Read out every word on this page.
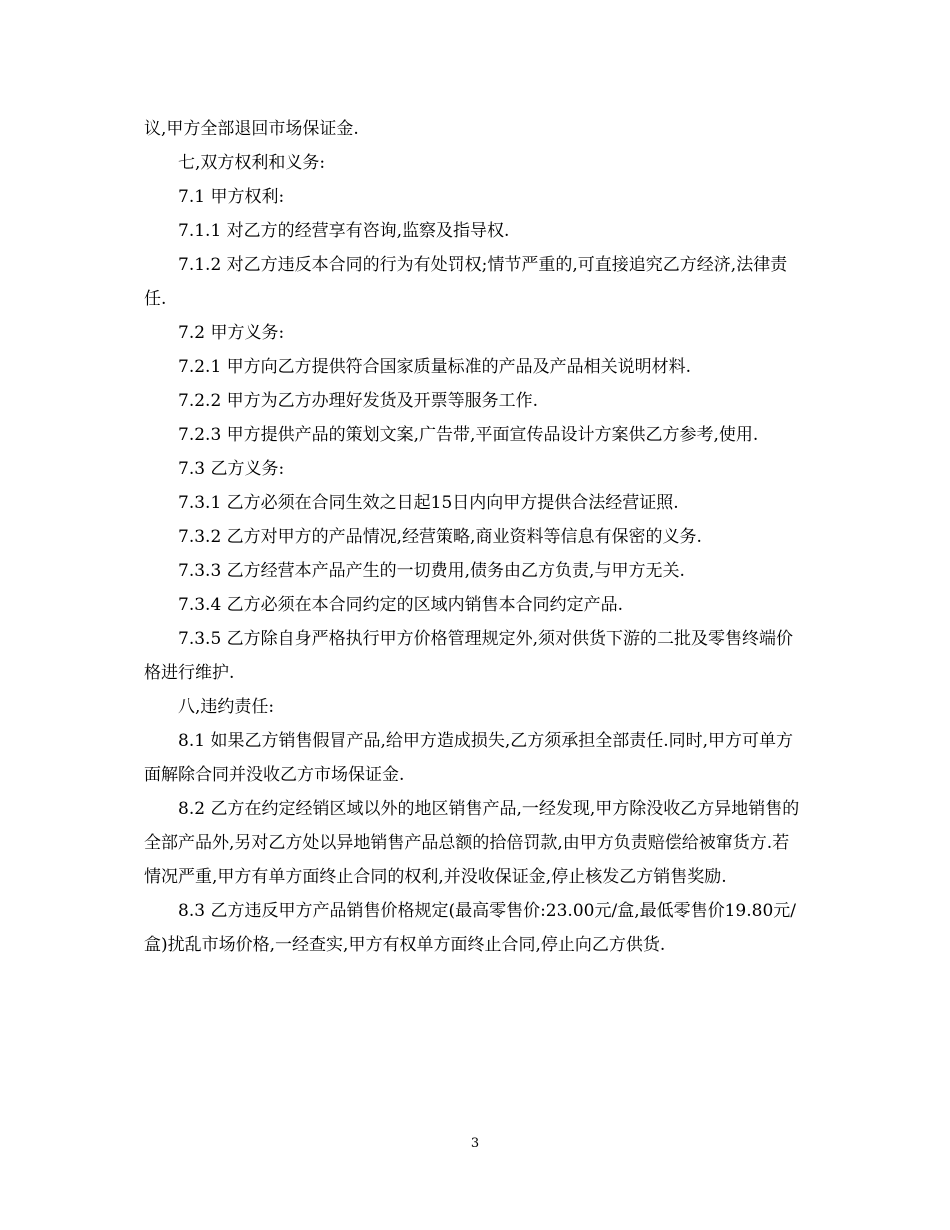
议,甲方全部退回市场保证金.

七,双方权利和义务:

7.1 甲方权利:

7.1.1 对乙方的经营享有咨询,监察及指导权.

7.1.2 对乙方违反本合同的行为有处罚权;情节严重的,可直接追究乙方经济,法律责任.

7.2 甲方义务:

7.2.1 甲方向乙方提供符合国家质量标准的产品及产品相关说明材料.

7.2.2 甲方为乙方办理好发货及开票等服务工作.

7.2.3 甲方提供产品的策划文案,广告带,平面宣传品设计方案供乙方参考,使用.

7.3 乙方义务:

7.3.1 乙方必须在合同生效之日起15日内向甲方提供合法经营证照.

7.3.2 乙方对甲方的产品情况,经营策略,商业资料等信息有保密的义务.

7.3.3 乙方经营本产品产生的一切费用,债务由乙方负责,与甲方无关.

7.3.4 乙方必须在本合同约定的区域内销售本合同约定产品.

7.3.5 乙方除自身严格执行甲方价格管理规定外,须对供货下游的二批及零售终端价格进行维护.

八,违约责任:

8.1 如果乙方销售假冒产品,给甲方造成损失,乙方须承担全部责任.同时,甲方可单方面解除合同并没收乙方市场保证金.

8.2 乙方在约定经销区域以外的地区销售产品,一经发现,甲方除没收乙方异地销售的全部产品外,另对乙方处以异地销售产品总额的拾倍罚款,由甲方负责赔偿给被窜货方.若情况严重,甲方有单方面终止合同的权利,并没收保证金,停止核发乙方销售奖励.

8.3 乙方违反甲方产品销售价格规定(最高零售价:23.00元/盒,最低零售价19.80元/盒)扰乱市场价格,一经查实,甲方有权单方面终止合同,停止向乙方供货.

3
